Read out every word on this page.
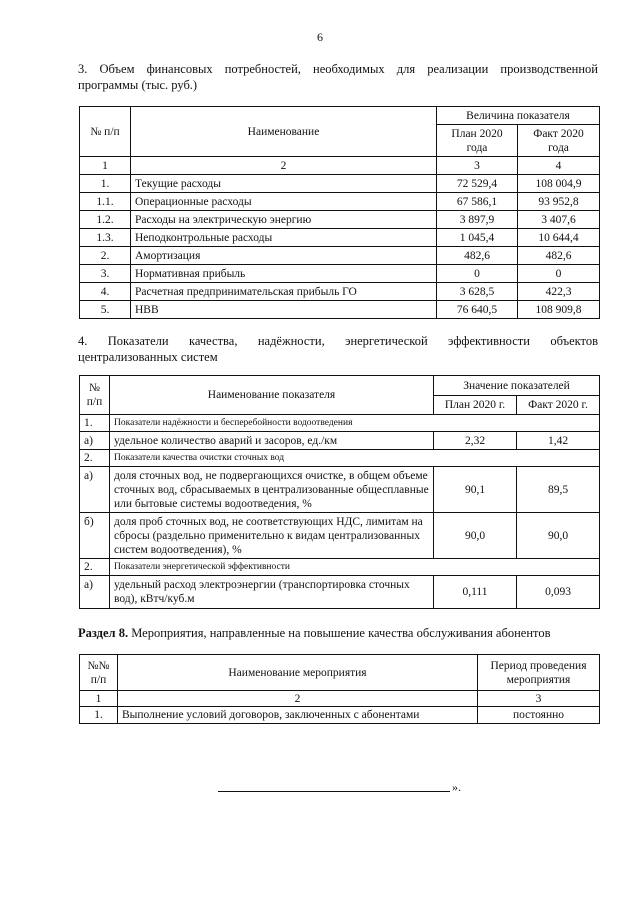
6
3. Объем финансовых потребностей, необходимых для реализации производственной
программы (тыс. руб.)
№ п/п	Наименование	Величина показателя	
		План 2020 года	Факт 2020 года
1	2	3	4
1.	Текущие расходы	72 529,4	108 004,9
1.1.	Операционные расходы	67 586,1	93 952,8
1.2.	Расходы на электрическую энергию	3 897,9	3 407,6
1.3.	Неподконтрольные расходы	1 045,4	10 644,4
2.	Амортизация	482,6	482,6
3.	Нормативная прибыль	0	0
4.	Расчетная предпринимательская прибыль ГО	3 628,5	422,3
5.	НВВ	76 640,5	108 909,8
4. Показатели качества, надёжности, энергетической эффективности объектов
централизованных систем
№ п/п	Наименование показателя	Значение показателей	
		План 2020 г.	Факт 2020 г.
1.	Показатели надёжности и бесперебойности водоотведения		
а)	удельное количество аварий и засоров, ед./км	2,32	1,42
2.	Показатели качества очистки сточных вод		
а)	доля сточных вод, не подвергающихся очистке, в общем объеме сточных вод, сбрасываемых в централизованные общесплавные или бытовые системы водоотведения, %	90,1	89,5
б)	доля проб сточных вод, не соответствующих НДС, лимитам на сбросы (раздельно применительно к видам централизованных систем водоотведения), %	90,0	90,0
2.	Показатели энергетической эффективности		
а)	удельный расход электроэнергии (транспортировка сточных вод), кВтч/куб.м	0,111	0,093
Раздел 8. Мероприятия, направленные на повышение качества обслуживания абонентов
№№ п/п	Наименование мероприятия	Период проведения мероприятия
1	2	3
1.	Выполнение условий договоров, заключенных с абонентами	постоянно
».
